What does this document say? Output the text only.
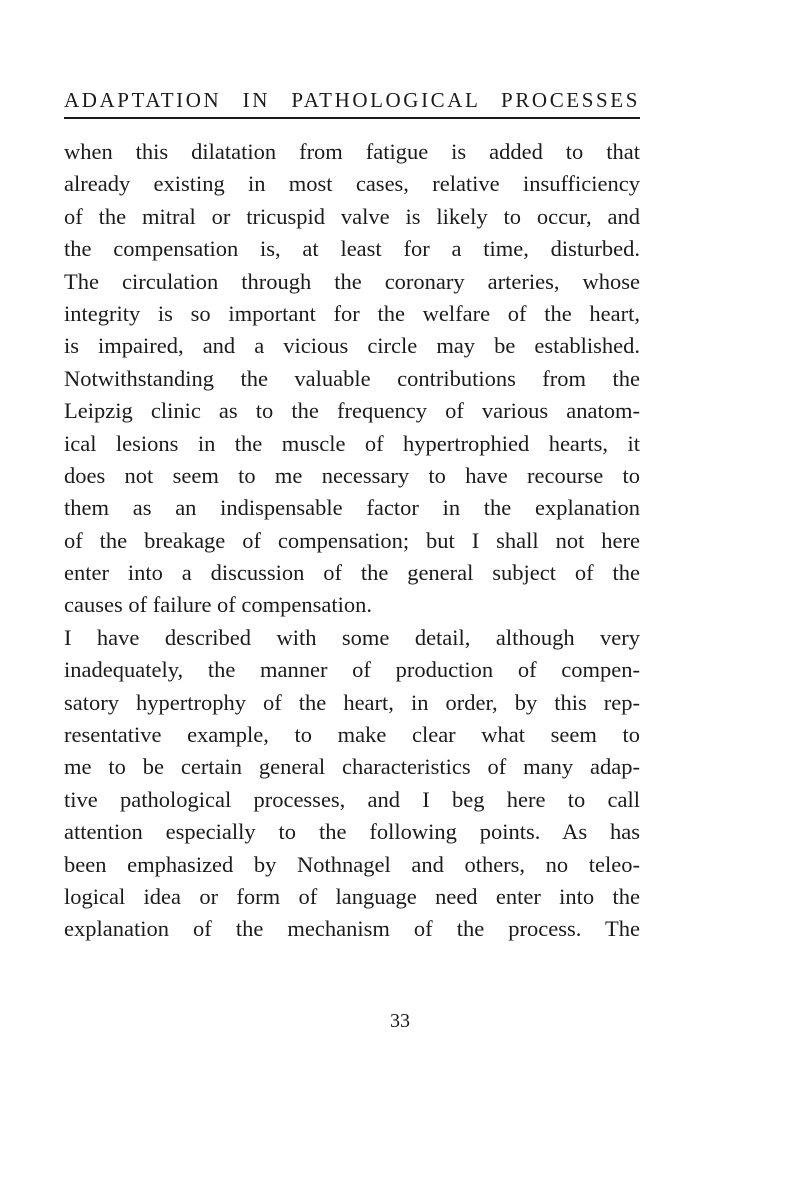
ADAPTATION IN PATHOLOGICAL PROCESSES
when this dilatation from fatigue is added to that
already existing in most cases, relative insufficiency
of the mitral or tricuspid valve is likely to occur, and
the compensation is, at least for a time, disturbed.
The circulation through the coronary arteries, whose
integrity is so important for the welfare of the heart,
is impaired, and a vicious circle may be established.
Notwithstanding the valuable contributions from the
Leipzig clinic as to the frequency of various anatom-
ical lesions in the muscle of hypertrophied hearts, it
does not seem to me necessary to have recourse to
them as an indispensable factor in the explanation
of the breakage of compensation; but I shall not here
enter into a discussion of the general subject of the
causes of failure of compensation.
I have described with some detail, although very
inadequately, the manner of production of compen-
satory hypertrophy of the heart, in order, by this rep-
resentative example, to make clear what seem to
me to be certain general characteristics of many adap-
tive pathological processes, and I beg here to call
attention especially to the following points. As has
been emphasized by Nothnagel and others, no teleo-
logical idea or form of language need enter into the
explanation of the mechanism of the process. The
33
